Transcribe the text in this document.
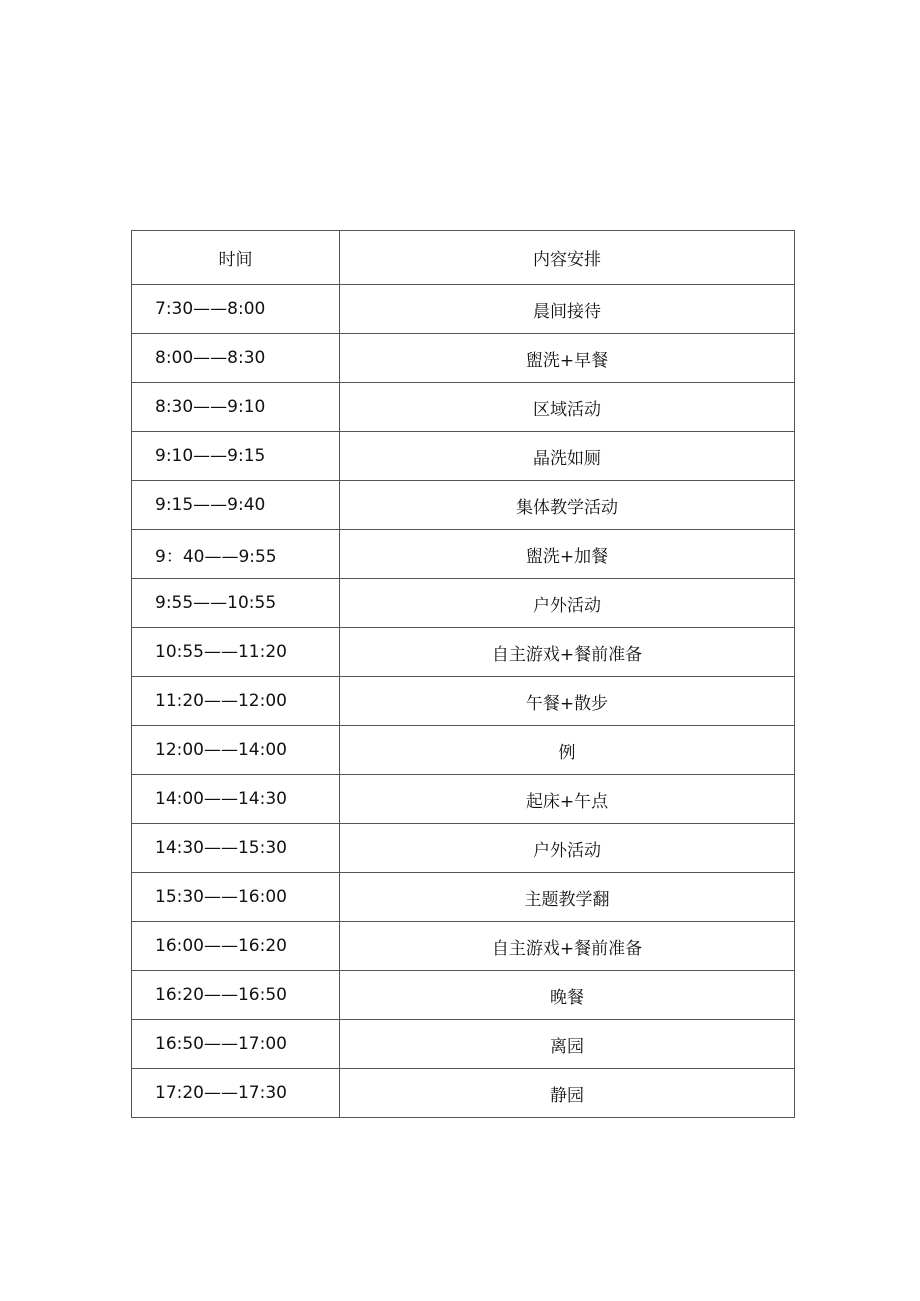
时间	内容安排
7:30——8:00	晨间接待
8:00——8:30	盥洗+早餐
8:30——9:10	区域活动
9:10——9:15	晶洗如厕
9:15——9:40	集体教学活动
9：40——9:55	盥洗+加餐
9:55——10:55	户外活动
10:55——11:20	自主游戏+餐前准备
11:20——12:00	午餐+散步
12:00——14:00	例
14:00——14:30	起床+午点
14:30——15:30	户外活动
15:30——16:00	主题教学翻
16:00——16:20	自主游戏+餐前准备
16:20——16:50	晚餐
16:50——17:00	离园
17:20——17:30	静园
